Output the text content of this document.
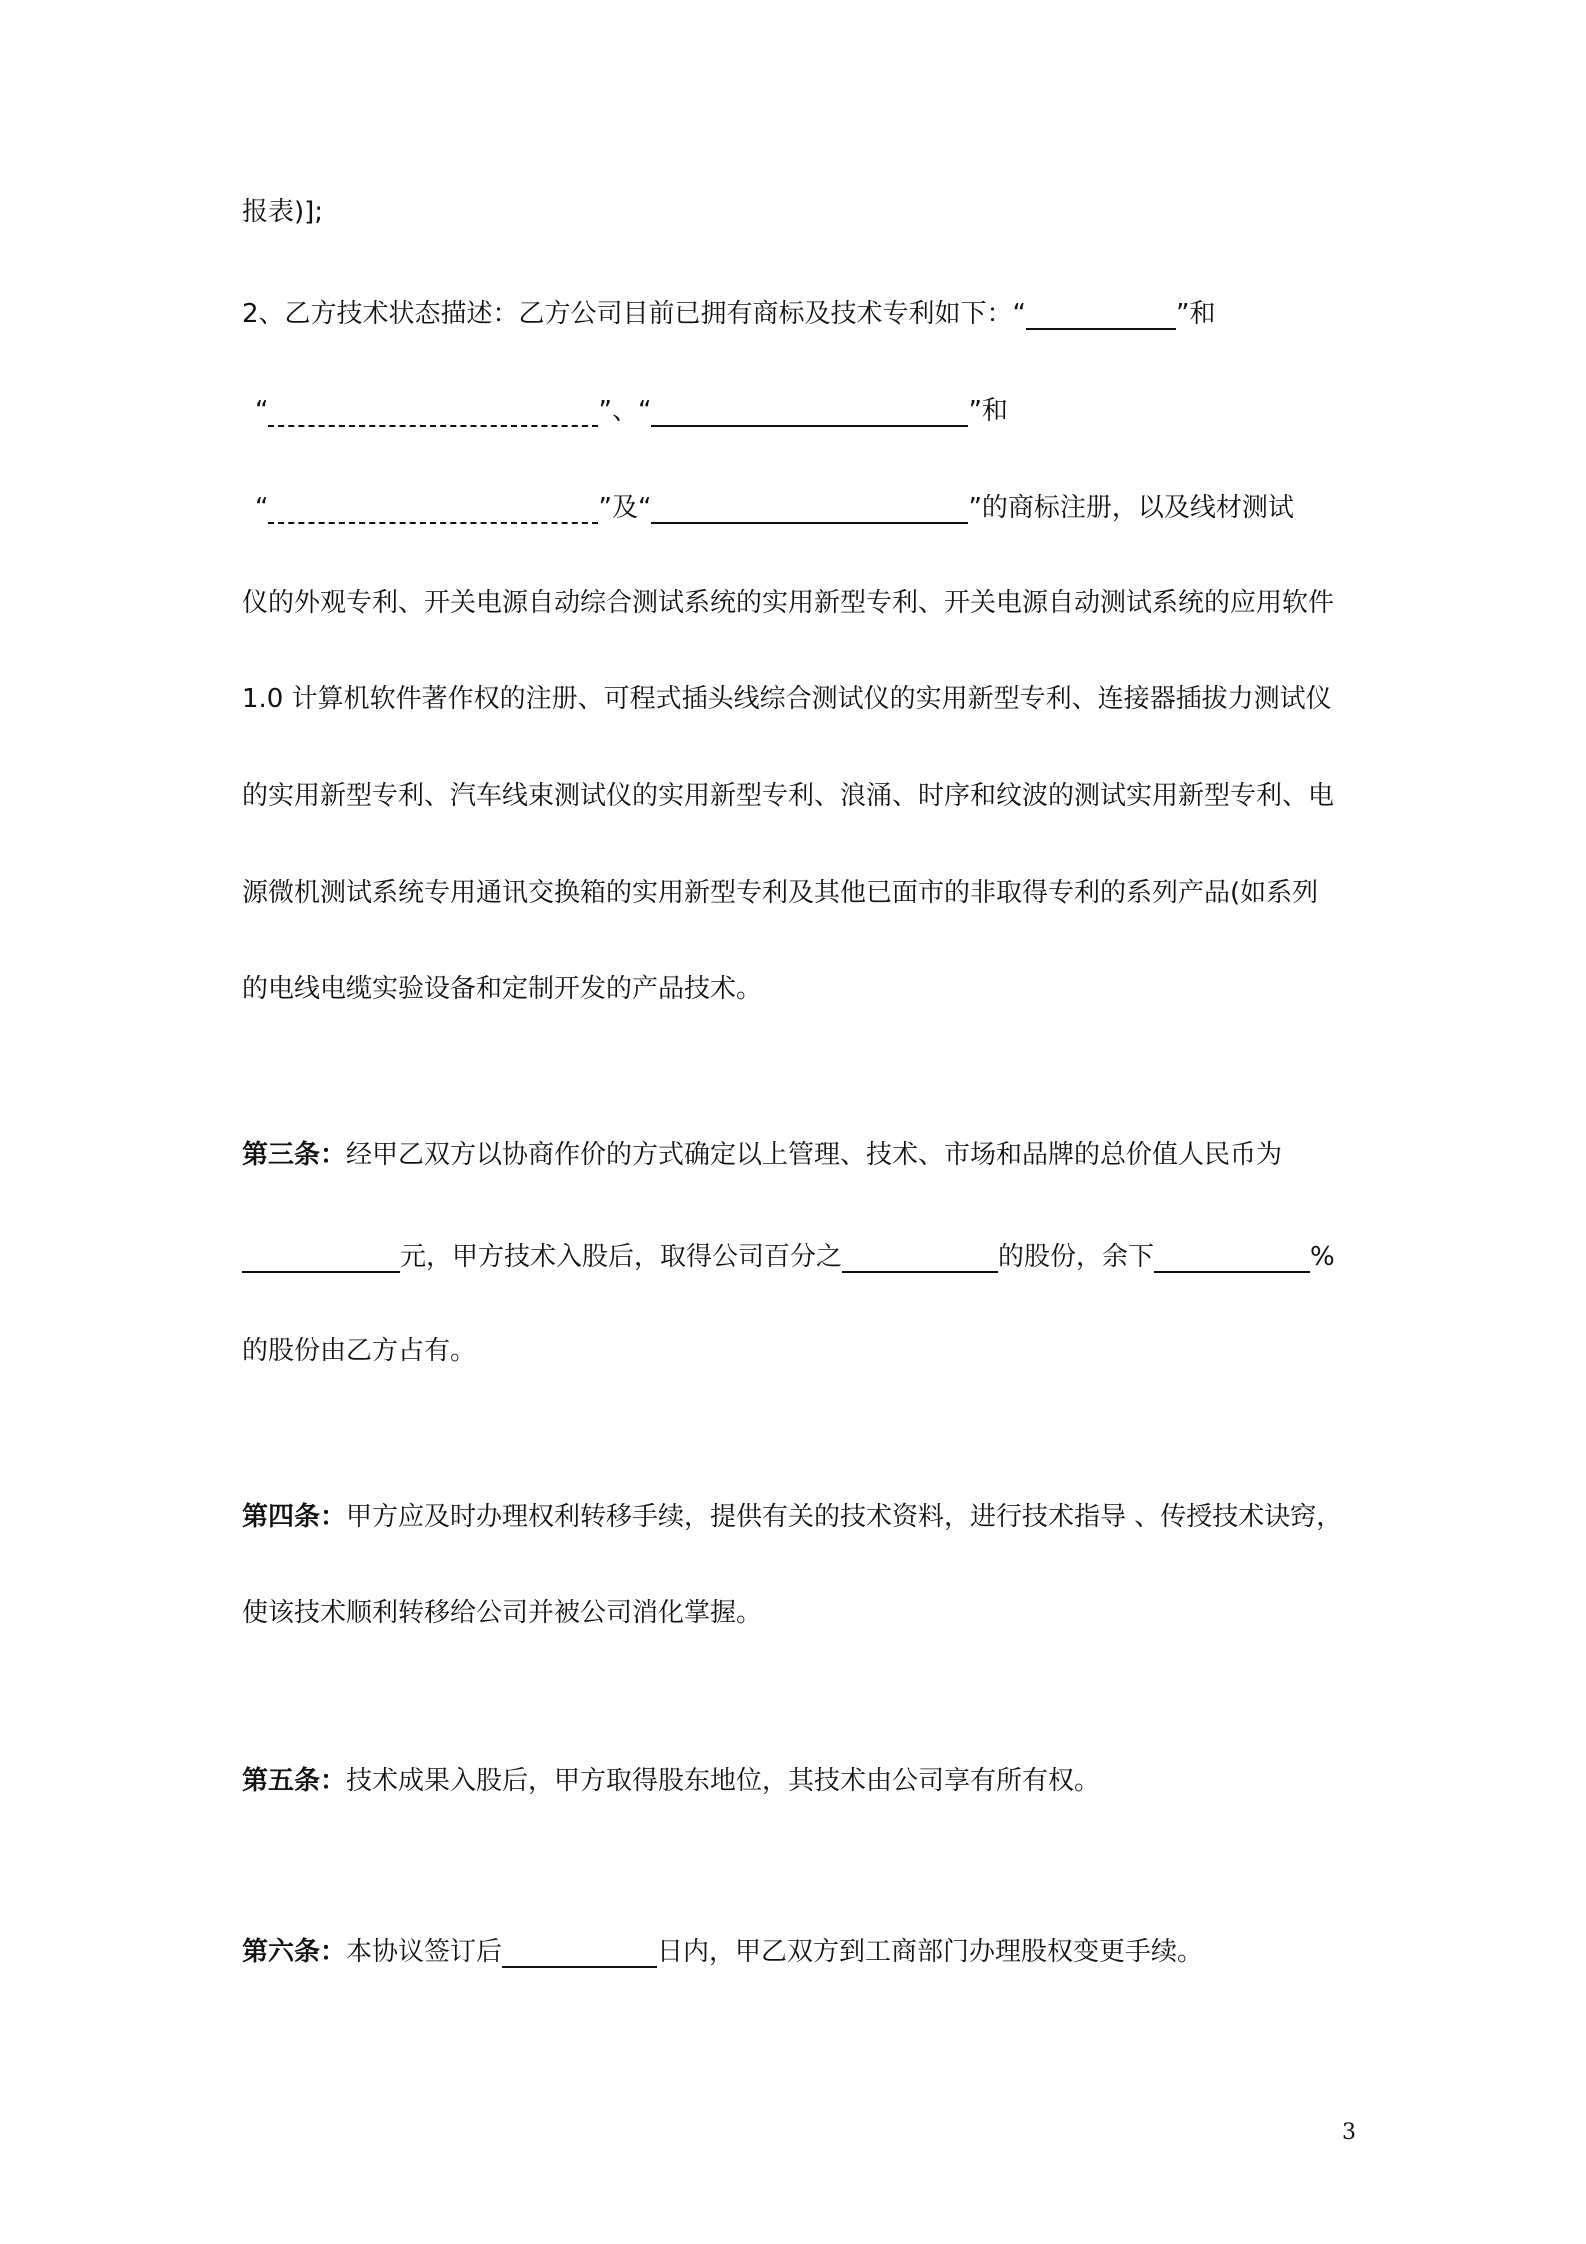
报表)];
2、乙方技术状态描述：乙方公司目前已拥有商标及技术专利如下：“	”和
“	”、“	”和
“	”及“	”的商标注册，以及线材测试
仪的外观专利、开关电源自动综合测试系统的实用新型专利、开关电源自动测试系统的应用软件
1.0 计算机软件著作权的注册、可程式插头线综合测试仪的实用新型专利、连接器插拔力测试仪
的实用新型专利、汽车线束测试仪的实用新型专利、浪涌、时序和纹波的测试实用新型专利、电
源微机测试系统专用通讯交换箱的实用新型专利及其他已面市的非取得专利的系列产品(如系列
的电线电缆实验设备和定制开发的产品技术。
第三条：经甲乙双方以协商作价的方式确定以上管理、技术、市场和品牌的总价值人民币为
元，甲方技术入股后，取得公司百分之	的股份，余下	%
的股份由乙方占有。
第四条：甲方应及时办理权利转移手续，提供有关的技术资料，进行技术指导 、传授技术诀窍，
使该技术顺利转移给公司并被公司消化掌握。
第五条：技术成果入股后，甲方取得股东地位，其技术由公司享有所有权。
第六条：本协议签订后	日内，甲乙双方到工商部门办理股权变更手续。
3
